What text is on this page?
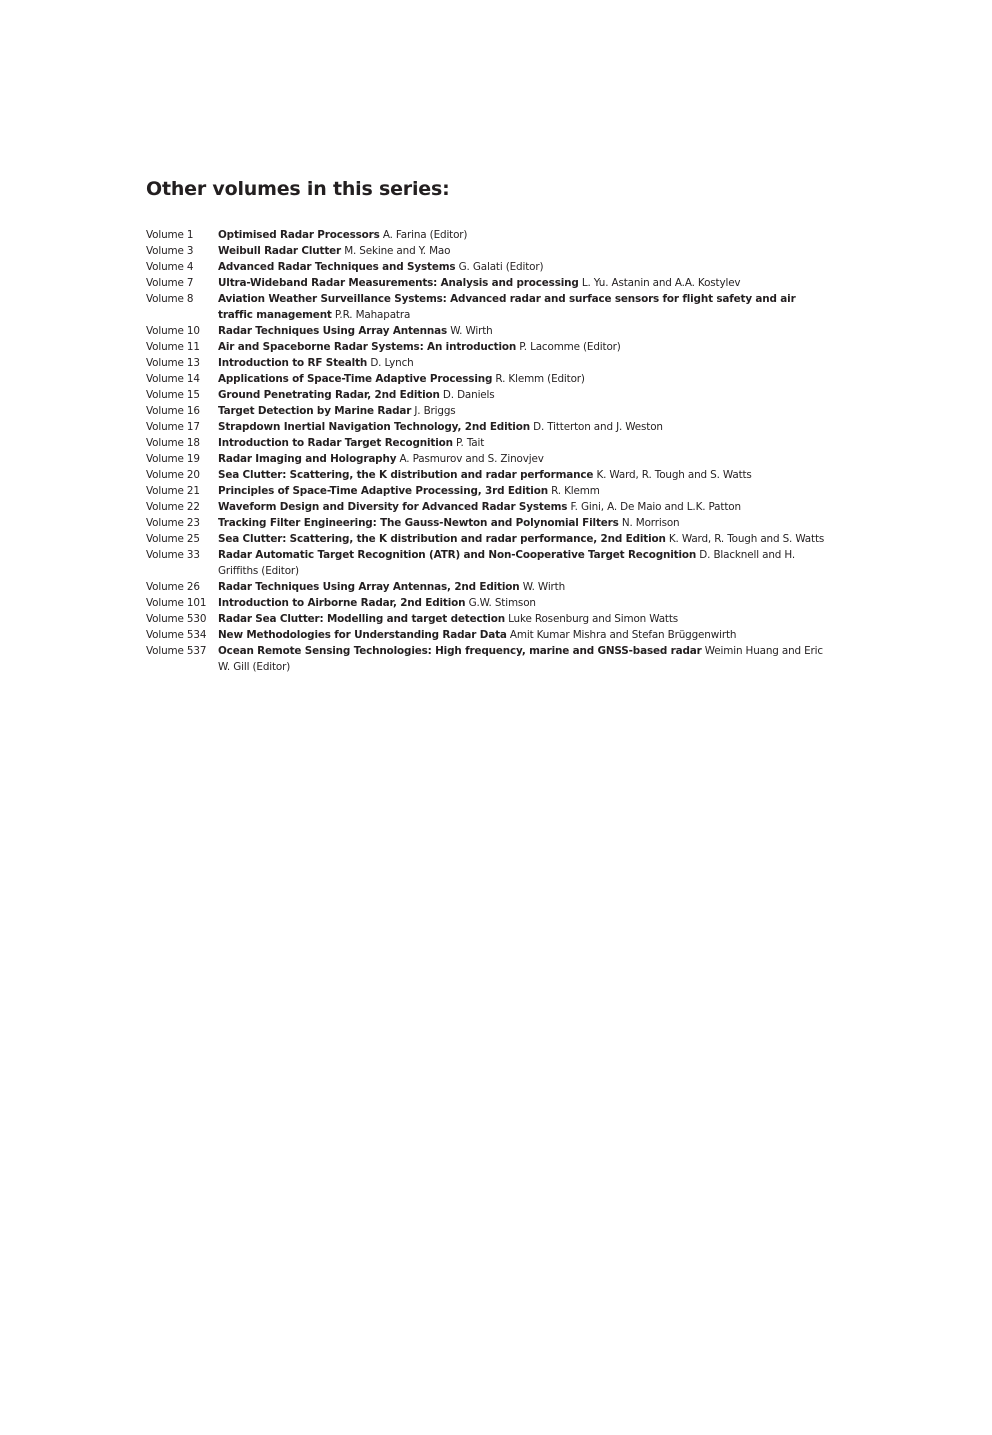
Other volumes in this series:
Volume 1	Optimised Radar Processors A. Farina (Editor)
Volume 3	Weibull Radar Clutter M. Sekine and Y. Mao
Volume 4	Advanced Radar Techniques and Systems G. Galati (Editor)
Volume 7	Ultra-Wideband Radar Measurements: Analysis and processing L. Yu. Astanin and A.A. Kostylev
Volume 8	Aviation Weather Surveillance Systems: Advanced radar and surface sensors for flight safety and air traffic management P.R. Mahapatra
Volume 10	Radar Techniques Using Array Antennas W. Wirth
Volume 11	Air and Spaceborne Radar Systems: An introduction P. Lacomme (Editor)
Volume 13	Introduction to RF Stealth D. Lynch
Volume 14	Applications of Space-Time Adaptive Processing R. Klemm (Editor)
Volume 15	Ground Penetrating Radar, 2nd Edition D. Daniels
Volume 16	Target Detection by Marine Radar J. Briggs
Volume 17	Strapdown Inertial Navigation Technology, 2nd Edition D. Titterton and J. Weston
Volume 18	Introduction to Radar Target Recognition P. Tait
Volume 19	Radar Imaging and Holography A. Pasmurov and S. Zinovjev
Volume 20	Sea Clutter: Scattering, the K distribution and radar performance K. Ward, R. Tough and S. Watts
Volume 21	Principles of Space-Time Adaptive Processing, 3rd Edition R. Klemm
Volume 22	Waveform Design and Diversity for Advanced Radar Systems F. Gini, A. De Maio and L.K. Patton
Volume 23	Tracking Filter Engineering: The Gauss-Newton and Polynomial Filters N. Morrison
Volume 25	Sea Clutter: Scattering, the K distribution and radar performance, 2nd Edition K. Ward, R. Tough and S. Watts
Volume 33	Radar Automatic Target Recognition (ATR) and Non-Cooperative Target Recognition D. Blacknell and H. Griffiths (Editor)
Volume 26	Radar Techniques Using Array Antennas, 2nd Edition W. Wirth
Volume 101	Introduction to Airborne Radar, 2nd Edition G.W. Stimson
Volume 530	Radar Sea Clutter: Modelling and target detection Luke Rosenburg and Simon Watts
Volume 534	New Methodologies for Understanding Radar Data Amit Kumar Mishra and Stefan Brüggenwirth
Volume 537	Ocean Remote Sensing Technologies: High frequency, marine and GNSS-based radar Weimin Huang and Eric W. Gill (Editor)
